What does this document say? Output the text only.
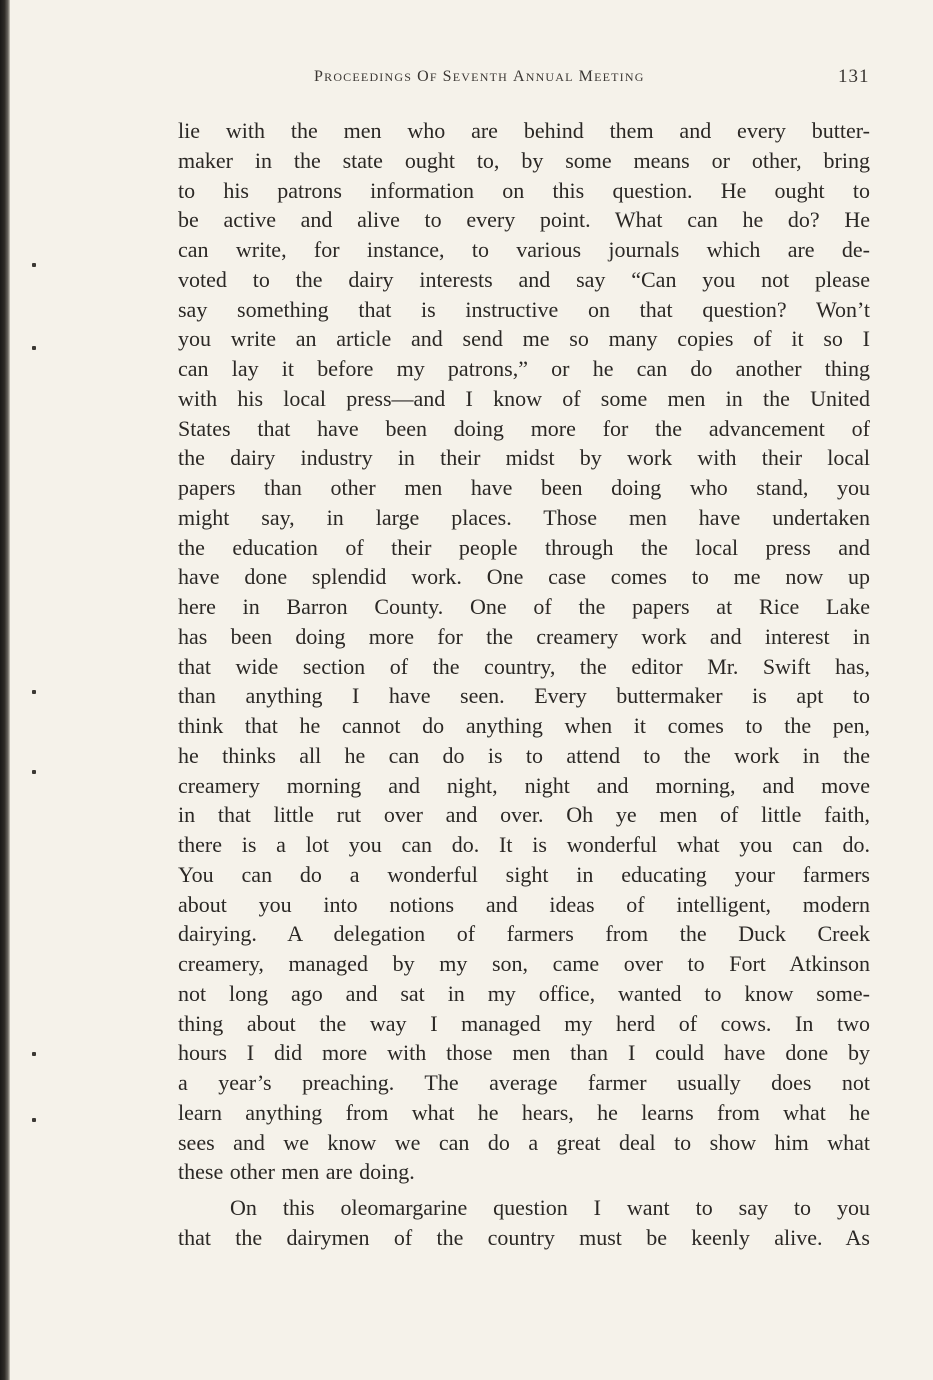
PROCEEDINGS OF SEVENTH ANNUAL MEETING	131
lie with the men who are behind them and every butter-
maker in the state ought to, by some means or other, bring
to his patrons information on this question. He ought to
be active and alive to every point. What can he do? He
can write, for instance, to various journals which are de-
voted to the dairy interests and say “Can you not please
say something that is instructive on that question? Won’t
you write an article and send me so many copies of it so I
can lay it before my patrons,” or he can do another thing
with his local press—and I know of some men in the United
States that have been doing more for the advancement of
the dairy industry in their midst by work with their local
papers than other men have been doing who stand, you
might say, in large places. Those men have undertaken
the education of their people through the local press and
have done splendid work. One case comes to me now up
here in Barron County. One of the papers at Rice Lake
has been doing more for the creamery work and interest in
that wide section of the country, the editor Mr. Swift has,
than anything I have seen. Every buttermaker is apt to
think that he cannot do anything when it comes to the pen,
he thinks all he can do is to attend to the work in the
creamery morning and night, night and morning, and move
in that little rut over and over. Oh ye men of little faith,
there is a lot you can do. It is wonderful what you can do.
You can do a wonderful sight in educating your farmers
about you into notions and ideas of intelligent, modern
dairying. A delegation of farmers from the Duck Creek
creamery, managed by my son, came over to Fort Atkinson
not long ago and sat in my office, wanted to know some-
thing about the way I managed my herd of cows. In two
hours I did more with those men than I could have done by
a year’s preaching. The average farmer usually does not
learn anything from what he hears, he learns from what he
sees and we know we can do a great deal to show him what
these other men are doing.
On this oleomargarine question I want to say to you
that the dairymen of the country must be keenly alive. As
